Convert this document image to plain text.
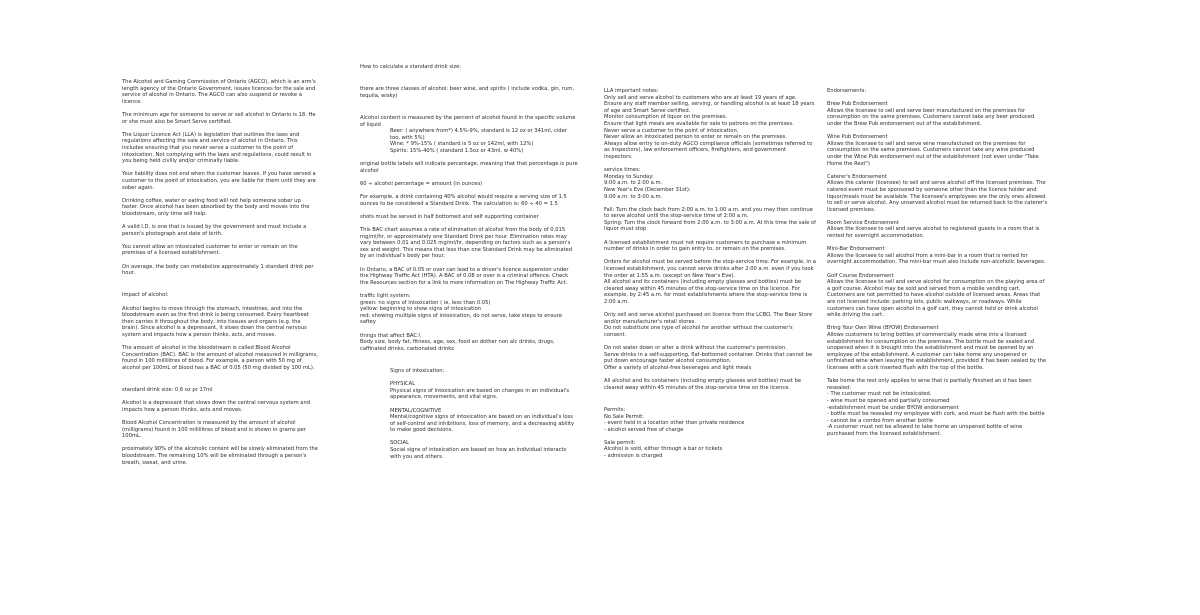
The Alcohol and Gaming Commission of Ontario (AGCO), which is an arm's length agency of the Ontario Government, issues licences for the sale and service of alcohol in Ontario. The AGCO can also suspend or revoke a licence.

The minimum age for someone to serve or sell alcohol in Ontario is 18. He or she must also be Smart Serve certified.

The Liquor Licence Act (LLA) is legislation that outlines the laws and regulations affecting the sale and service of alcohol in Ontario. This includes ensuring that you never serve a customer to the point of intoxication. Not complying with the laws and regulations, could result in you being held civilly and/or criminally liable.

Your liability does not end when the customer leaves. If you have served a customer to the point of intoxication, you are liable for them until they are sober again.

Drinking coffee, water or eating food will not help someone sober up faster. Once alcohol has been absorbed by the body and moves into the bloodstream, only time will help.

A valid I.D. is one that is issued by the government and must include a person's photograph and date of birth.

You cannot allow an intoxicated customer to enter or remain on the premises of a licensed establishment.

On average, the body can metabolize approximately 1 standard drink per hour.

Impact of alcohol:

Alcohol begins to move through the stomach, intestines, and into the bloodstream even as the first drink is being consumed. Every heartbeat then carries it throughout the body, into tissues and organs (e.g. the brain). Since alcohol is a depressant, it slows down the central nervous system and impacts how a person thinks, acts, and moves.

The amount of alcohol in the bloodstream is called Blood Alcohol Concentration (BAC). BAC is the amount of alcohol measured in milligrams, found in 100 millilitres of blood. For example, a person with 50 mg of alcohol per 100mL of blood has a BAC of 0.05 (50 mg divided by 100 mL).

standard drink size: 0.6 oz pr 17ml

Alcohol is a depressant that slows down the central nervous system and impacts how a person thinks, acts and moves.

Blood Alcohol Concentration is measured by the amount of alcohol (milligrams) found in 100 millilitres of blood and is shown in grams per 100mL.

proximately 90% of the alcoholic content will be slowly eliminated from the bloodstream. The remaining 10% will be eliminated through a person's breath, sweat, and urine.

How to calculate a standard drink size:

there are three classes of alcohol: beer wine, and spirits ( include vodka, gin, rum, tequila, wisky)

Alcohol content is measured by the percent of alcohol found in the specific volume of liquid

Beer: ( anywhere from*) 4.5%-9%, standard is 12 oz or 341ml, cider too, with 5%)
Wine: * 9%-15% ( standard is 5 oz or 142ml, with 12%)
Spirits: 15%-40% ( standard 1.5oz or 43ml, w 40%)

original bottle labels will indicate percentage, meaning that that percentage is pure alcohol

60 ÷ alcohol percentage = amount (in ounces)

For example, a drink containing 40% alcohol would require a serving size of 1.5 ounces to be considered a Standard Drink. The calculation is: 60 ÷ 40 = 1.5

shots must be served in half bottomed and self supporting container

This BAC chart assumes a rate of elimination of alcohol from the body of 0.015 mg/ml/hr, or approximately one Standard Drink per hour. Elimination rates may vary between 0.01 and 0.025 mg/ml/hr, depending on factors such as a person's sex and weight. This means that less than one Standard Drink may be eliminated by an individual's body per hour.

In Ontario, a BAC of 0.05 or over can lead to a driver's licence suspension under the Highway Traffic Act (HTA). A BAC of 0.08 or over is a criminal offence. Check the Resources section for a link to more information on The Highway Traffic Act.

traffic light system:
green: no signs of intoxication ( ie, less than 0.05)
yellow: beginning to show signs of intoxication
red: showing multiple signs of intoxication, do not serve, take steps to ensure saftey
things that affect BAC:\
Body size, body fat, fitness, age, sex, food an dother non alc drinks, drugs, caffinated drinks, carbonated drinks

Signs of intoxication:

PHYSICAL

Physical signs of intoxication are based on changes in an individual's appearance, movements, and vital signs.

MENTAL/COGNITIVE

Mental/cognitive signs of intoxication are based on an individual's loss of self-control and inhibitions, loss of memory, and a decreasing ability to make good decisions.

SOCIAL

Social signs of intoxication are based on how an individual interacts with you and others.

LLA important notes:
Only sell and serve alcohol to customers who are at least 19 years of age.
Ensure any staff member selling, serving, or handling alcohol is at least 18 years of age and Smart Serve certified.
Monitor consumption of liquor on the premises.
Ensure that light meals are available for sale to patrons on the premises.
Never serve a customer to the point of intoxication.
Never allow an intoxicated person to enter or remain on the premises.
Always allow entry to on-duty AGCO compliance officials (sometimes referred to as inspectors), law enforcement officers, firefighters, and government inspectors.
service times:
Monday to Sunday:
9:00 a.m. to 2:00 a.m.
New Year's Eve (December 31st):
9:00 a.m. to 3:00 a.m.
Fall: Turn the clock back from 2:00 a.m. to 1:00 a.m. and you may then continue to serve alcohol until the stop-service time of 2:00 a.m.
Spring: Turn the clock forward from 2:00 a.m. to 3:00 a.m. At this time the sale of liquor must stop

A licensed establishment must not require customers to purchase a minimum number of drinks in order to gain entry to, or remain on the premises.

Orders for alcohol must be served before the stop-service time. For example, in a licensed establishment, you cannot serve drinks after 2:00 a.m. even if you took the order at 1:55 a.m. (except on New Year's Eve).

All alcohol and its containers (including empty glasses and bottles) must be cleared away within 45 minutes of the stop-service time on the licence. For example, by 2:45 a.m. for most establishments where the stop-service time is 2:00 a.m.

Only sell and serve alcohol purchased on licence from the LCBO, The Beer Store and/or manufacturer's retail stores.

Do not substitute one type of alcohol for another without the customer's consent.

Do not water down or alter a drink without the customer's permission.
Serve drinks in a self-supporting, flat-bottomed container. Drinks that cannot be put down encourage faster alcohol consumption.
Offer a variety of alcohol-free beverages and light meals

All alcohol and its containers (including empty glasses and bottles) must be cleared away within 45 minutes of the stop-service time on the licence.

Permits:
No Sale Permit:
- event held in a location other than private residence
- alcohol served free of charge
Sale permit:
Alcohol is sold, either through a bar or tickets
- admission is charged

Endorsements:

Brew Pub Endorsement

Allows the licensee to sell and serve beer manufactured on the premises for consumption on the same premises. Customers cannot take any beer produced under the Brew Pub endorsement out of the establishment.

Wine Pub Endorsement

Allows the licensee to sell and serve wine manufactured on the premises for consumption on the same premises. Customers cannot take any wine produced under the Wine Pub endorsement out of the establishment (not even under "Take Home the Rest")

Caterer's Endorsement

Allows the caterer (licensee) to sell and serve alcohol off the licensed premises. The catered event must be sponsored by someone other than the licence holder and liquor/meals must be available. The licensee's employees are the only ones allowed to sell or serve alcohol. Any unserved alcohol must be returned back to the caterer's licensed premises.

Room Service Endorsement

Allows the licensee to sell and serve alcohol to registered guests in a room that is rented for overnight accommodation.

Mini-Bar Endorsement

Allows the licensee to sell alcohol from a mini-bar in a room that is rented for overnight accommodation. The mini-bar must also include non-alcoholic beverages.

Golf Course Endorsement

Allows the licensee to sell and serve alcohol for consumption on the playing area of a golf course. Alcohol may be sold and served from a mobile vending cart. Customers are not permitted to have alcohol outside of licensed areas. Areas that are not licensed include: parking lots, public walkways, or roadways. While customers can have open alcohol in a golf cart, they cannot hold or drink alcohol while driving the cart.

Bring Your Own Wine (BYOW) Endorsement

Allows customers to bring bottles of commercially made wine into a licensed establishment for consumption on the premises. The bottle must be sealed and unopened when it is brought into the establishment and must be opened by an employee of the establishment. A customer can take home any unopened or unfinished wine when leaving the establishment, provided it has been sealed by the licensee with a cork inserted flush with the top of the bottle.

Take home the rest only applies to wine that is partially finished an d has been resealed:
- The customer must not be intoxicated.
- wine must be opened and partially consumed
-establishment must be under BYOW endorsement
- bottle must be resealed my employee with cork, and must be flush with the bottle
- cannot be a combo from another bottle
-A customer must not be allowed to take home an unopened bottle of wine purchased from the licensed establishment.
